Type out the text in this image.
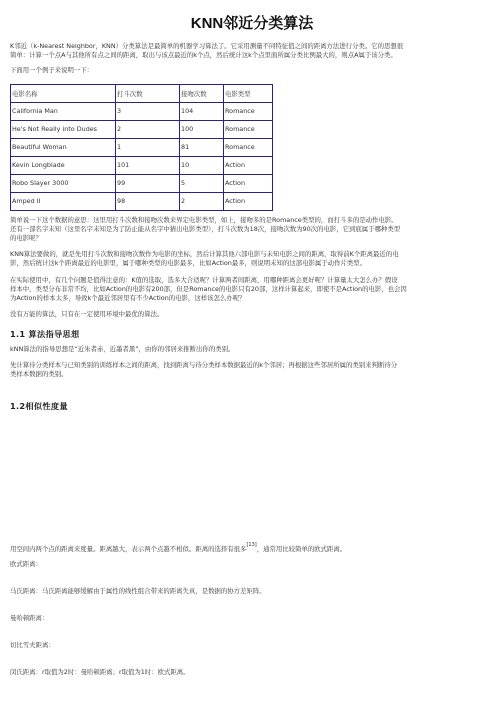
KNN邻近分类算法

K邻近（k-Nearest Neighbor，KNN）分类算法是最简单的机器学习算法了。它采用测量不同特征值之间的距离方法进行分类。它的思想很

简单：计算一个点A与其他所有点之间的距离，取出与该点最近的k个点，然后统计这k个点里面所属分类比例最大的，则点A属于该分类。

下面用一个例子来说明一下：

电影名称	打斗次数	接吻次数	电影类型
California Man	3	104	Romance
He's Not Really into Dudes	2	100	Romance
Beautiful Woman	1	81	Romance
Kevin Longblade	101	10	Action
Robo Slayer 3000	99	5	Action
Amped II	98	2	Action

简单说一下这个数据的意思：这里用打斗次数和接吻次数来界定电影类型，如上，接吻多的是Romance类型的，而打斗多的是动作电影。

还有一部名字未知（这里名字未知是为了防止能从名字中猜出电影类型），打斗次数为18次，接吻次数为90次的电影，它到底属于哪种类型

的电影呢？

KNN算法要做的，就是先用打斗次数和接吻次数作为电影的坐标，然后计算其他六部电影与未知电影之间的距离，取得前K个距离最近的电

影，然后统计这k个距离最近的电影里，属于哪种类型的电影最多，比如Action最多，则说明未知的这部电影属于动作片类型。

在实际使用中，有几个问题是值得注意的：K值的选取，选多大合适呢？计算两者间距离，用哪种距离会更好呢？计算量太大怎么办？假设

样本中，类型分布非常不均，比如Action的电影有200部，但是Romance的电影只有20部，这样计算起来，即使不是Action的电影，也会因

为Action的样本太多，导致k个最近邻居里有不少Action的电影，这样该怎么办呢？

没有万能的算法，只有在一定使用环境中最优的算法。

1.1 算法指导思想

kNN算法的指导思想是“近朱者赤，近墨者黑”，由你的邻居来推断出你的类别。

先计算待分类样本与已知类别的训练样本之间的距离，找到距离与待分类样本数据最近的k个邻居；再根据这些邻居所属的类别来判断待分

类样本数据的类别。

1.2相似性度量

用空间内两个点的距离来度量。距离越大，表示两个点越不相似。距离的选择有很多[13]，通常用比较简单的欧式距离。

欧式距离：

马氏距离：马氏距离能够缓解由于属性的线性组合带来的距离失真，是数据的协方差矩阵。

曼哈顿距离：

切比雪夫距离：

闵氏距离：r取值为2时：曼哈顿距离；r取值为1时：欧式距离。
